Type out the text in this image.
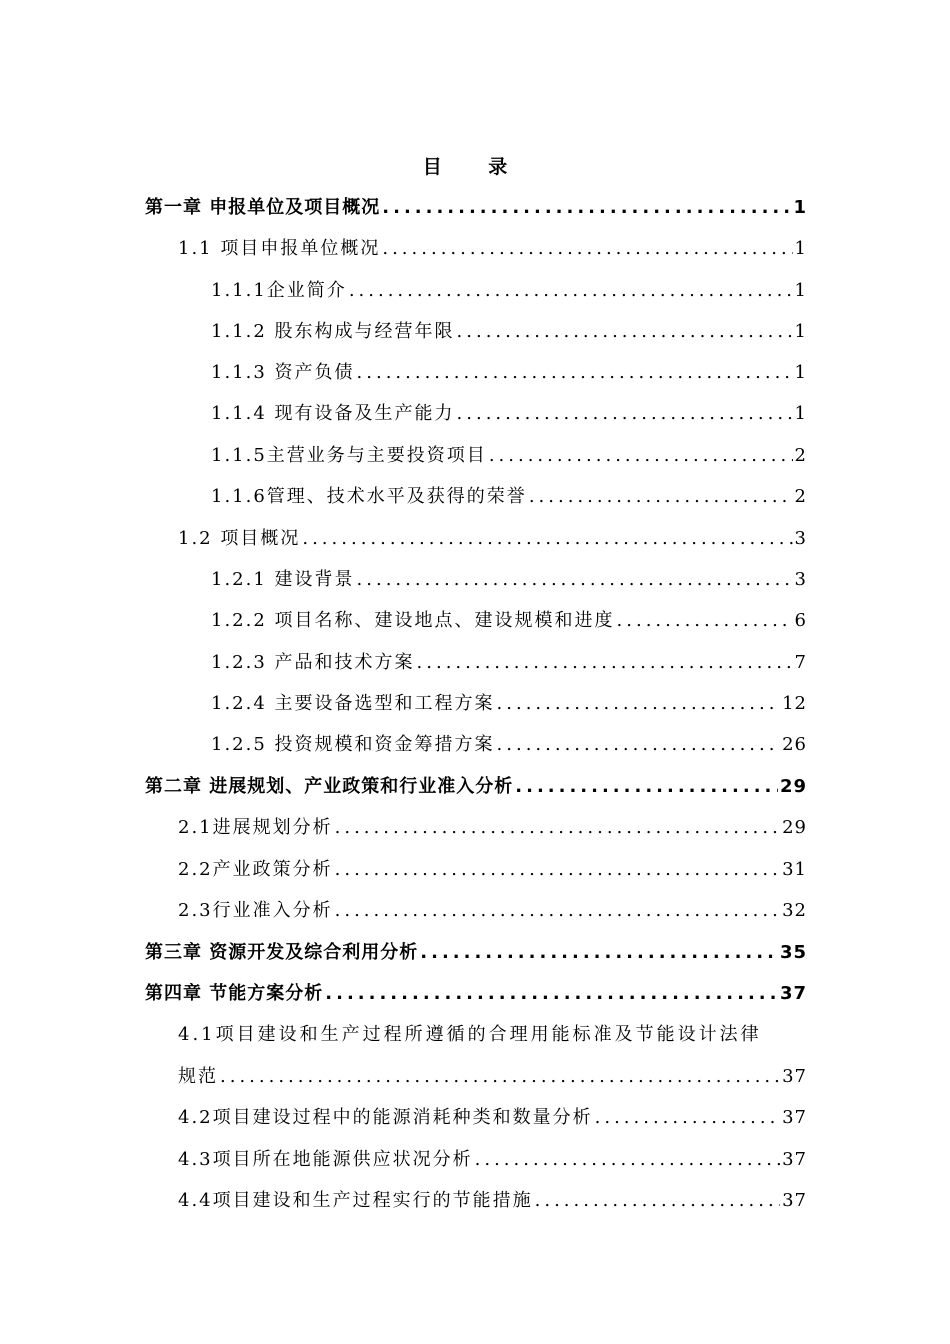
目 录
第一章 申报单位及项目概况 .....	1
1.1 项目申报单位概况 .....	1
1.1.1企业简介 .....	1
1.1.2 股东构成与经营年限 .....	1
1.1.3 资产负债 .....	1
1.1.4 现有设备及生产能力 .....	1
1.1.5主营业务与主要投资项目 .....	2
1.1.6管理、技术水平及获得的荣誉 .....	2
1.2 项目概况 .....	3
1.2.1 建设背景 .....	3
1.2.2 项目名称、建设地点、建设规模和进度 .....	6
1.2.3 产品和技术方案 .....	7
1.2.4 主要设备选型和工程方案 .....	12
1.2.5 投资规模和资金筹措方案 .....	26
第二章 进展规划、产业政策和行业准入分析 .....	29
2.1进展规划分析 .....	29
2.2产业政策分析 .....	31
2.3行业准入分析 .....	32
第三章 资源开发及综合利用分析 .....	35
第四章 节能方案分析 .....	37
4.1项目建设和生产过程所遵循的合理用能标准及节能设计法律
规范 .....	37
4.2项目建设过程中的能源消耗种类和数量分析 .....	37
4.3项目所在地能源供应状况分析 .....	37
4.4项目建设和生产过程实行的节能措施 .....	37
